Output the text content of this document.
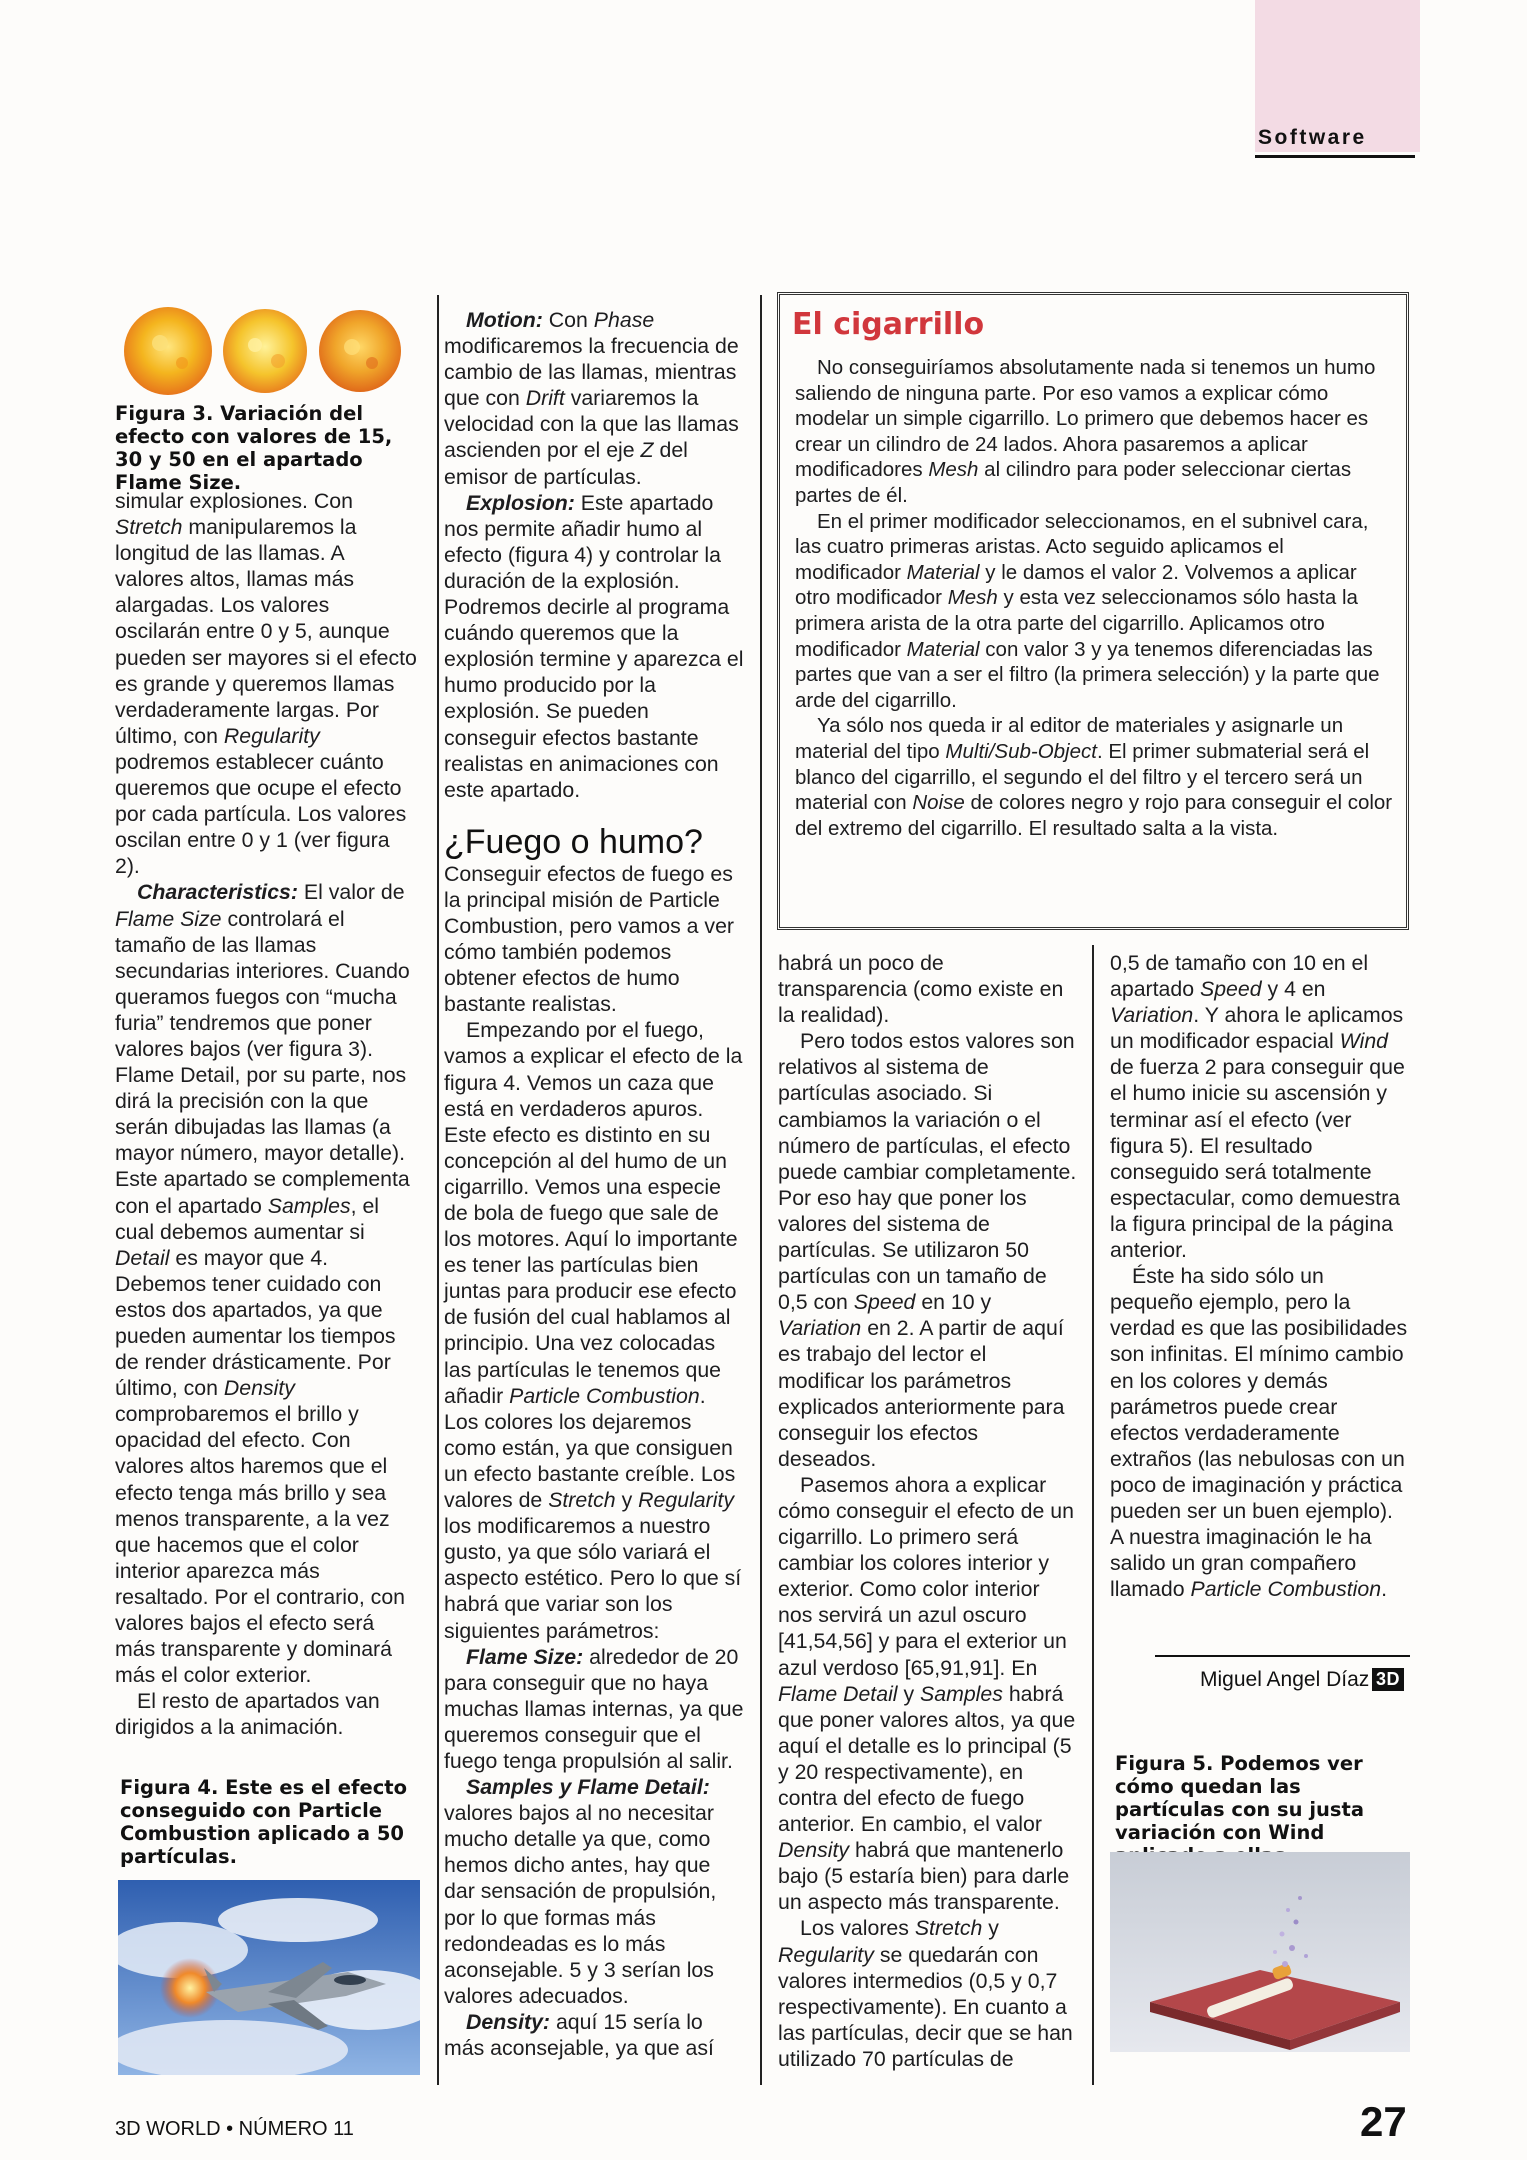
Software
Figura 3. Variación del efecto con valores de 15, 30 y 50 en el apartado Flame Size.

simular explosiones. Con Stretch manipularemos la longitud de las llamas. A valores altos, llamas más alargadas. Los valores oscilarán entre 0 y 5, aunque pueden ser mayores si el efecto es grande y queremos llamas verdaderamente largas. Por último, con Regularity podremos establecer cuánto queremos que ocupe el efecto por cada partícula. Los valores oscilan entre 0 y 1 (ver figura 2).

Characteristics: El valor de Flame Size controlará el tamaño de las llamas secundarias interiores. Cuando queramos fuegos con “mucha furia” tendremos que poner valores bajos (ver figura 3). Flame Detail, por su parte, nos dirá la precisión con la que serán dibujadas las llamas (a mayor número, mayor detalle). Este apartado se complementa con el apartado Samples, el cual debemos aumentar si Detail es mayor que 4. Debemos tener cuidado con estos dos apartados, ya que pueden aumentar los tiempos de render drásticamente. Por último, con Density comprobaremos el brillo y opacidad del efecto. Con valores altos haremos que el efecto tenga más brillo y sea menos transparente, a la vez que hacemos que el color interior aparezca más resaltado. Por el contrario, con valores bajos el efecto será más transparente y dominará más el color exterior.

El resto de apartados van dirigidos a la animación.

Figura 4. Este es el efecto conseguido con Particle Combustion aplicado a 50 partículas.

Motion: Con Phase modificaremos la frecuencia de cambio de las llamas, mientras que con Drift variaremos la velocidad con la que las llamas ascienden por el eje Z del emisor de partículas.

Explosion: Este apartado nos permite añadir humo al efecto (figura 4) y controlar la duración de la explosión. Podremos decirle al programa cuándo queremos que la explosión termine y aparezca el humo producido por la explosión. Se pueden conseguir efectos bastante realistas en animaciones con este apartado.

¿Fuego o humo?

Conseguir efectos de fuego es la principal misión de Particle Combustion, pero vamos a ver cómo también podemos obtener efectos de humo bastante realistas.

Empezando por el fuego, vamos a explicar el efecto de la figura 4. Vemos un caza que está en verdaderos apuros. Este efecto es distinto en su concepción al del humo de un cigarrillo. Vemos una especie de bola de fuego que sale de los motores. Aquí lo importante es tener las partículas bien juntas para producir ese efecto de fusión del cual hablamos al principio. Una vez colocadas las partículas le tenemos que añadir Particle Combustion. Los colores los dejaremos como están, ya que consiguen un efecto bastante creíble. Los valores de Stretch y Regularity los modificaremos a nuestro gusto, ya que sólo variará el aspecto estético. Pero lo que sí habrá que variar son los siguientes parámetros:

Flame Size: alrededor de 20 para conseguir que no haya muchas llamas internas, ya que queremos conseguir que el fuego tenga propulsión al salir.

Samples y Flame Detail: valores bajos al no necesitar mucho detalle ya que, como hemos dicho antes, hay que dar sensación de propulsión, por lo que formas más redondeadas es lo más aconsejable. 5 y 3 serían los valores adecuados.

Density: aquí 15 sería lo más aconsejable, ya que así

El cigarrillo

No conseguiríamos absolutamente nada si tenemos un humo saliendo de ninguna parte. Por eso vamos a explicar cómo modelar un simple cigarrillo. Lo primero que debemos hacer es crear un cilindro de 24 lados. Ahora pasaremos a aplicar modificadores Mesh al cilindro para poder seleccionar ciertas partes de él.

En el primer modificador seleccionamos, en el subnivel cara, las cuatro primeras aristas. Acto seguido aplicamos el modificador Material y le damos el valor 2. Volvemos a aplicar otro modificador Mesh y esta vez seleccionamos sólo hasta la primera arista de la otra parte del cigarrillo. Aplicamos otro modificador Material con valor 3 y ya tenemos diferenciadas las partes que van a ser el filtro (la primera selección) y la parte que arde del cigarrillo.

Ya sólo nos queda ir al editor de materiales y asignarle un material del tipo Multi/Sub-Object. El primer submaterial será el blanco del cigarrillo, el segundo el del filtro y el tercero será un material con Noise de colores negro y rojo para conseguir el color del extremo del cigarrillo. El resultado salta a la vista.

habrá un poco de transparencia (como existe en la realidad).

Pero todos estos valores son relativos al sistema de partículas asociado. Si cambiamos la variación o el número de partículas, el efecto puede cambiar completamente. Por eso hay que poner los valores del sistema de partículas. Se utilizaron 50 partículas con un tamaño de 0,5 con Speed en 10 y Variation en 2. A partir de aquí es trabajo del lector el modificar los parámetros explicados anteriormente para conseguir los efectos deseados.

Pasemos ahora a explicar cómo conseguir el efecto de un cigarrillo. Lo primero será cambiar los colores interior y exterior. Como color interior nos servirá un azul oscuro [41,54,56] y para el exterior un azul verdoso [65,91,91]. En Flame Detail y Samples habrá que poner valores altos, ya que aquí el detalle es lo principal (5 y 20 respectivamente), en contra del efecto de fuego anterior. En cambio, el valor Density habrá que mantenerlo bajo (5 estaría bien) para darle un aspecto más transparente.

Los valores Stretch y Regularity se quedarán con valores intermedios (0,5 y 0,7 respectivamente). En cuanto a las partículas, decir que se han utilizado 70 partículas de

0,5 de tamaño con 10 en el apartado Speed y 4 en Variation. Y ahora le aplicamos un modificador espacial Wind de fuerza 2 para conseguir que el humo inicie su ascensión y terminar así el efecto (ver figura 5). El resultado conseguido será totalmente espectacular, como demuestra la figura principal de la página anterior.

Éste ha sido sólo un pequeño ejemplo, pero la verdad es que las posibilidades son infinitas. El mínimo cambio en los colores y demás parámetros puede crear efectos verdaderamente extraños (las nebulosas con un poco de imaginación y práctica pueden ser un buen ejemplo). A nuestra imaginación le ha salido un gran compañero llamado Particle Combustion.

Miguel Angel Díaz 3D
Figura 5. Podemos ver cómo quedan las partículas con su justa variación con Wind
3D WORLD • NÚMERO 11	27
